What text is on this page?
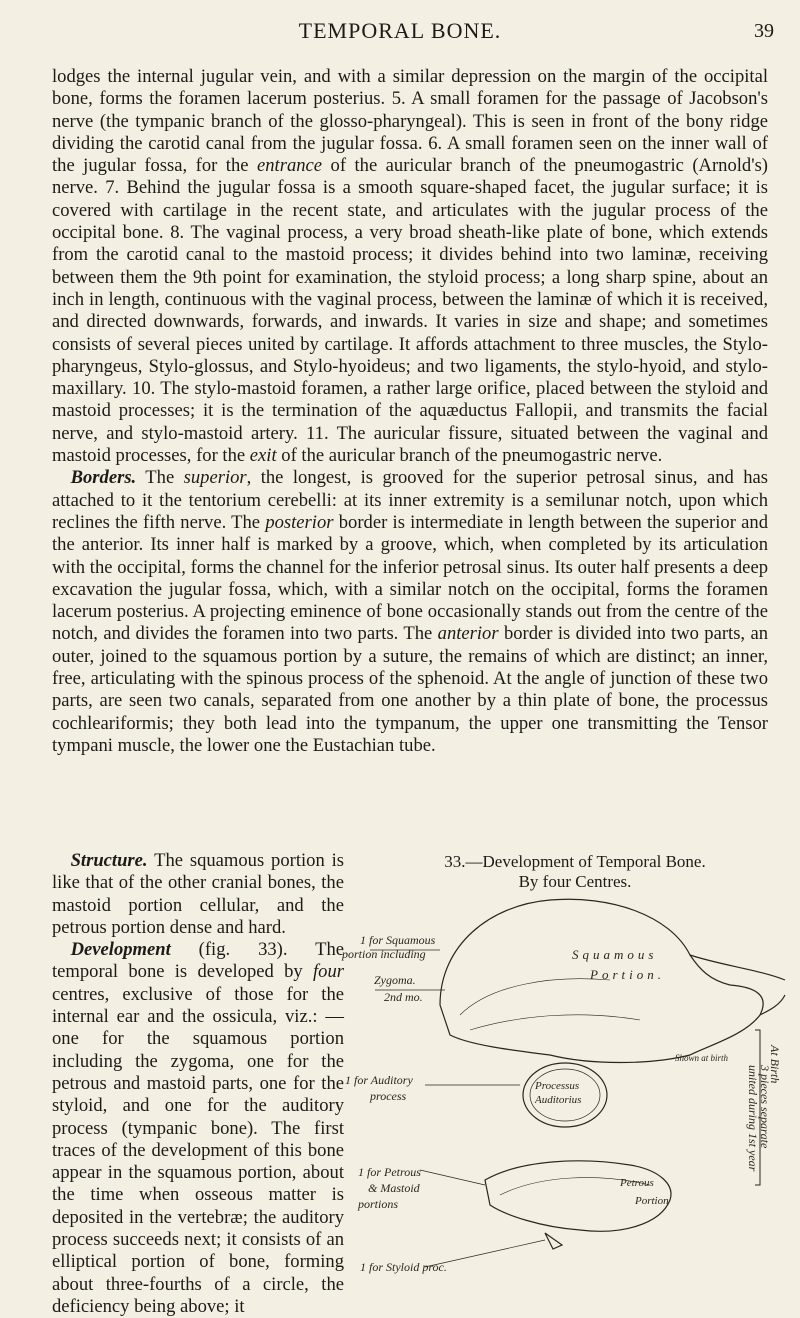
TEMPORAL BONE.	39

lodges the internal jugular vein, and with a similar depression on the margin of the occipital bone, forms the foramen lacerum posterius. 5. A small foramen for the passage of Jacobson's nerve (the tympanic branch of the glosso-pharyngeal). This is seen in front of the bony ridge dividing the carotid canal from the jugular fossa. 6. A small foramen seen on the inner wall of the jugular fossa, for the entrance of the auricular branch of the pneumogastric (Arnold's) nerve. 7. Behind the jugular fossa is a smooth square-shaped facet, the jugular surface; it is covered with cartilage in the recent state, and articulates with the jugular process of the occipital bone. 8. The vaginal process, a very broad sheath-like plate of bone, which extends from the carotid canal to the mastoid process; it divides behind into two laminæ, receiving between them the 9th point for examination, the styloid process; a long sharp spine, about an inch in length, continuous with the vaginal process, between the laminæ of which it is received, and directed downwards, forwards, and inwards. It varies in size and shape; and sometimes consists of several pieces united by cartilage. It affords attachment to three muscles, the Stylo-pharyngeus, Stylo-glossus, and Stylo-hyoideus; and two ligaments, the stylo-hyoid, and stylo-maxillary. 10. The stylo-mastoid foramen, a rather large orifice, placed between the styloid and mastoid processes; it is the termination of the aquæductus Fallopii, and transmits the facial nerve, and stylo-mastoid artery. 11. The auricular fissure, situated between the vaginal and mastoid processes, for the exit of the auricular branch of the pneumogastric nerve.

 Borders. The superior, the longest, is grooved for the superior petrosal sinus, and has attached to it the tentorium cerebelli: at its inner extremity is a semilunar notch, upon which reclines the fifth nerve. The posterior border is intermediate in length between the superior and the anterior. Its inner half is marked by a groove, which, when completed by its articulation with the occipital, forms the channel for the inferior petrosal sinus. Its outer half presents a deep excavation the jugular fossa, which, with a similar notch on the occipital, forms the foramen lacerum posterius. A projecting eminence of bone occasionally stands out from the centre of the notch, and divides the foramen into two parts. The anterior border is divided into two parts, an outer, joined to the squamous portion by a suture, the remains of which are distinct; an inner, free, articulating with the spinous process of the sphenoid. At the angle of junction of these two parts, are seen two canals, separated from one another by a thin plate of bone, the processus cochleariformis; they both lead into the tympanum, the upper one transmitting the Tensor tympani muscle, the lower one the Eustachian tube.

 Structure. The squamous portion is like that of the other cranial bones, the mastoid portion cellular, and the petrous portion dense and hard.

 Development (fig. 33). The temporal bone is developed by four centres, exclusive of those for the internal ear and the ossicula, viz.: — one for the squamous portion including the zygoma, one for the petrous and mastoid parts, one for the styloid, and one for the auditory process (tympanic bone). The first traces of the development of this bone appear in the squamous portion, about the time when osseous matter is deposited in the vertebræ; the auditory process succeeds next; it consists of an elliptical portion of bone, forming about three-fourths of a circle, the deficiency being above; it

33.—Development of Temporal Bone.
By four Centres.
1 for Squamous
portion including
Zygoma.
2nd mo.
Squamous
Portion.
1 for Auditory
process
Processus
Auditorius
Shown at birth
1 for Petrous
& Mastoid
portions
Petrous
Portion
1 for Styloid proc.
At Birth
3 pieces separate
united during 1st year
